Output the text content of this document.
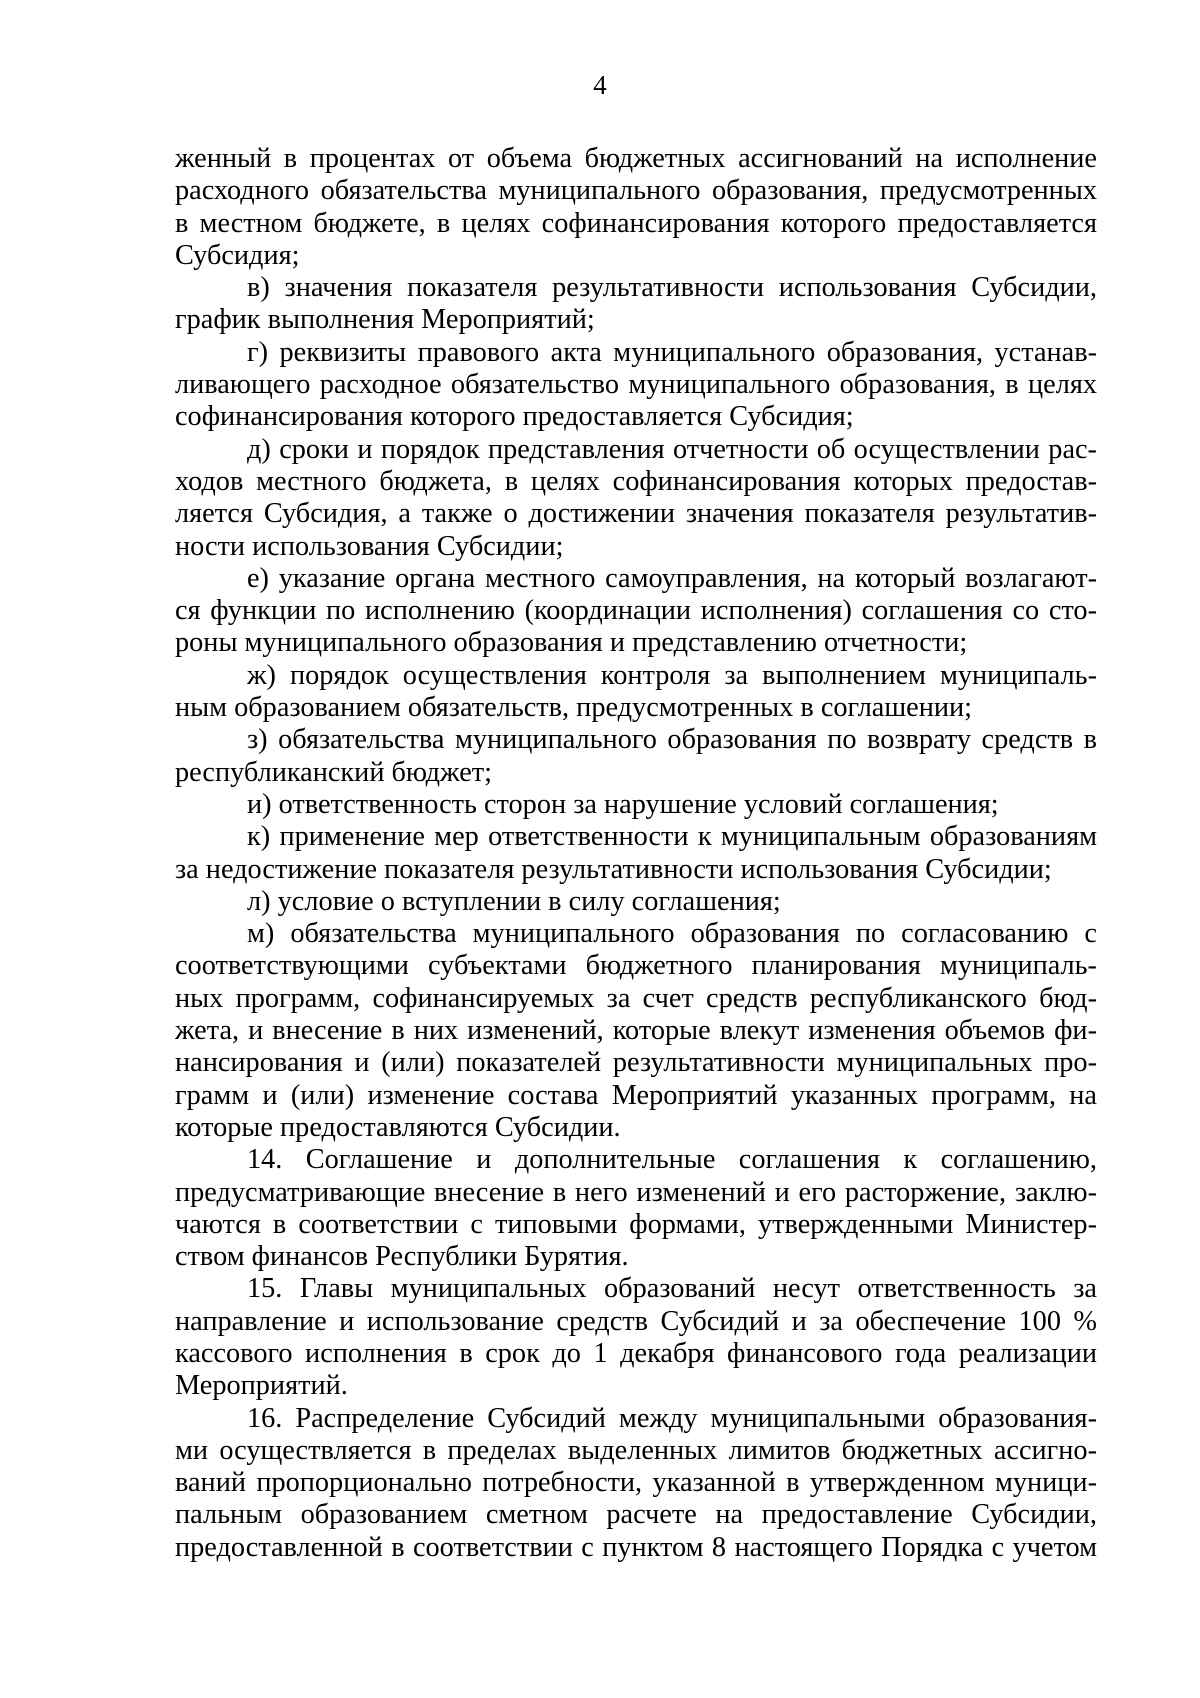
4
женный в процентах от объема бюджетных ассигнований на исполнение
расходного обязательства муниципального образования, предусмотренных
в местном бюджете, в целях софинансирования которого предоставляется
Субсидия;
в) значения показателя результативности использования Субсидии,
график выполнения Мероприятий;
г) реквизиты правового акта муниципального образования, устанав-
ливающего расходное обязательство муниципального образования, в целях
софинансирования которого предоставляется Субсидия;
д) сроки и порядок представления отчетности об осуществлении рас-
ходов местного бюджета, в целях софинансирования которых предостав-
ляется Субсидия, а также о достижении значения показателя результатив-
ности использования Субсидии;
е) указание органа местного самоуправления, на который возлагают-
ся функции по исполнению (координации исполнения) соглашения со сто-
роны муниципального образования и представлению отчетности;
ж) порядок осуществления контроля за выполнением муниципаль-
ным образованием обязательств, предусмотренных в соглашении;
з) обязательства муниципального образования по возврату средств в
республиканский бюджет;
и) ответственность сторон за нарушение условий соглашения;
к) применение мер ответственности к муниципальным образованиям
за недостижение показателя результативности использования Субсидии;
л) условие о вступлении в силу соглашения;
м) обязательства муниципального образования по согласованию с
соответствующими субъектами бюджетного планирования муниципаль-
ных программ, софинансируемых за счет средств республиканского бюд-
жета, и внесение в них изменений, которые влекут изменения объемов фи-
нансирования и (или) показателей результативности муниципальных про-
грамм и (или) изменение состава Мероприятий указанных программ, на
которые предоставляются Субсидии.
14. Соглашение и дополнительные соглашения к соглашению,
предусматривающие внесение в него изменений и его расторжение, заклю-
чаются в соответствии с типовыми формами, утвержденными Министер-
ством финансов Республики Бурятия.
15. Главы муниципальных образований несут ответственность за
направление и использование средств Субсидий и за обеспечение 100 %
кассового исполнения в срок до 1 декабря финансового года реализации
Мероприятий.
16. Распределение Субсидий между муниципальными образования-
ми осуществляется в пределах выделенных лимитов бюджетных ассигно-
ваний пропорционально потребности, указанной в утвержденном муници-
пальным образованием сметном расчете на предоставление Субсидии,
предоставленной в соответствии с пунктом 8 настоящего Порядка с учетом
